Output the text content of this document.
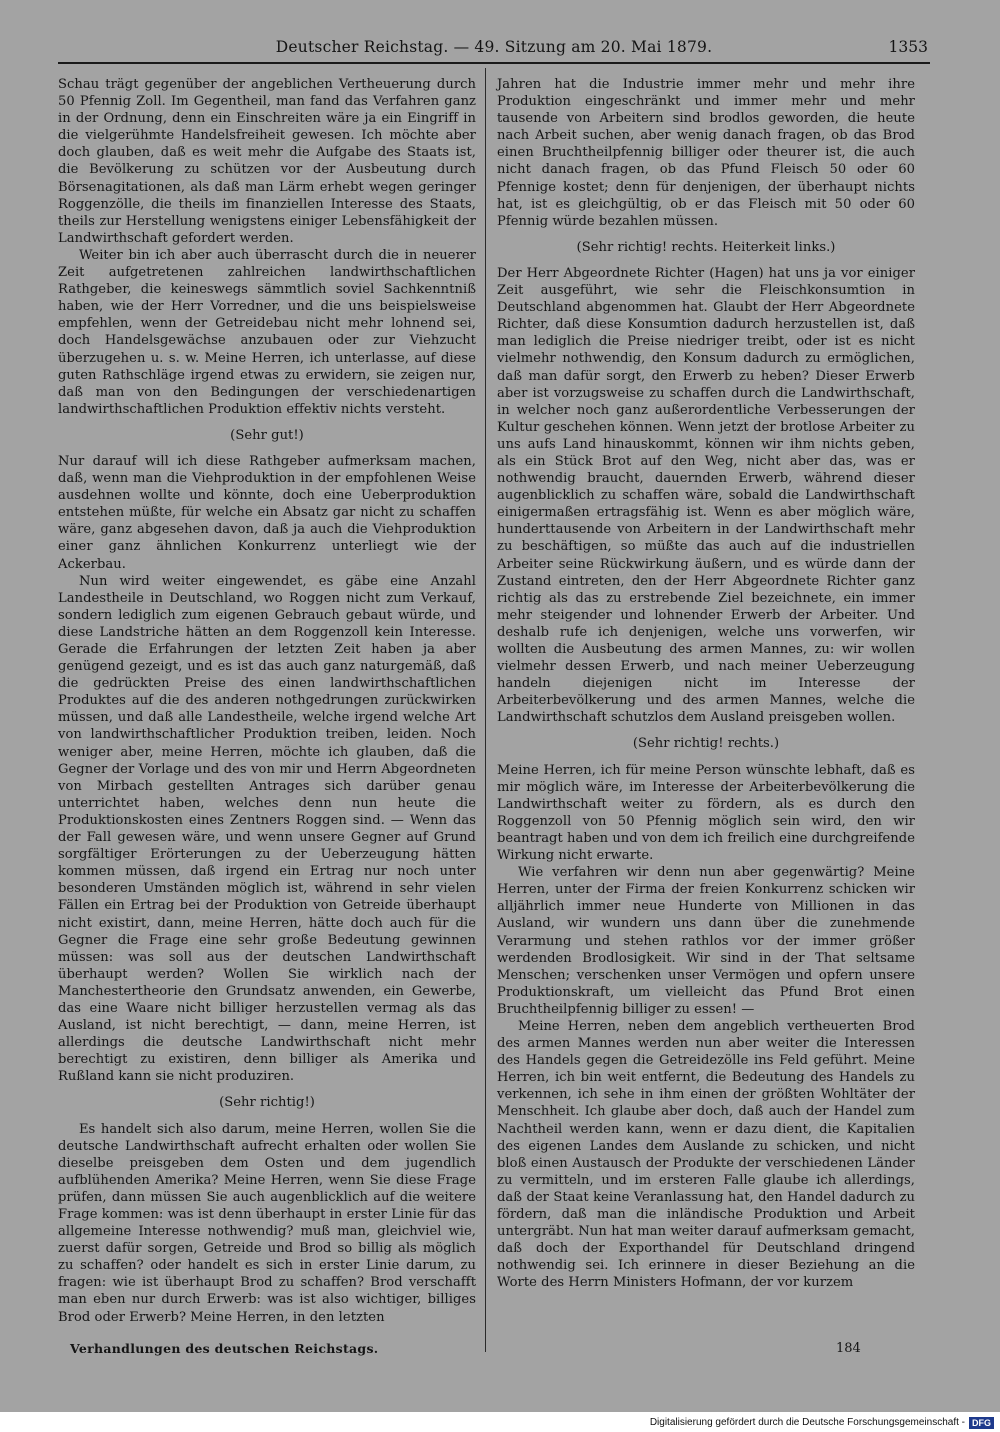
Deutscher Reichstag. — 49. Sitzung am 20. Mai 1879.	1353

Schau trägt gegenüber der angeblichen Vertheuerung durch 50 Pfennig Zoll. Im Gegentheil, man fand das Verfahren ganz in der Ordnung, denn ein Einschreiten wäre ja ein Eingriff in die vielgerühmte Handelsfreiheit gewesen. Ich möchte aber doch glauben, daß es weit mehr die Aufgabe des Staats ist, die Bevölkerung zu schützen vor der Ausbeutung durch Börsenagitationen, als daß man Lärm erhebt wegen geringer Roggenzölle, die theils im finanziellen Interesse des Staats, theils zur Herstellung wenigstens einiger Lebensfähigkeit der Landwirthschaft gefordert werden.

Weiter bin ich aber auch überrascht durch die in neuerer Zeit aufgetretenen zahlreichen landwirthschaftlichen Rathgeber, die keineswegs sämmtlich soviel Sachkenntniß haben, wie der Herr Vorredner, und die uns beispielsweise empfehlen, wenn der Getreidebau nicht mehr lohnend sei, doch Handelsgewächse anzubauen oder zur Viehzucht überzugehen u. s. w. Meine Herren, ich unterlasse, auf diese guten Rathschläge irgend etwas zu erwidern, sie zeigen nur, daß man von den Bedingungen der verschiedenartigen landwirthschaftlichen Produktion effektiv nichts versteht.

(Sehr gut!)

Nur darauf will ich diese Rathgeber aufmerksam machen, daß, wenn man die Viehproduktion in der empfohlenen Weise ausdehnen wollte und könnte, doch eine Ueberproduktion entstehen müßte, für welche ein Absatz gar nicht zu schaffen wäre, ganz abgesehen davon, daß ja auch die Viehproduktion einer ganz ähnlichen Konkurrenz unterliegt wie der Ackerbau.

Nun wird weiter eingewendet, es gäbe eine Anzahl Landestheile in Deutschland, wo Roggen nicht zum Verkauf, sondern lediglich zum eigenen Gebrauch gebaut würde, und diese Landstriche hätten an dem Roggenzoll kein Interesse. Gerade die Erfahrungen der letzten Zeit haben ja aber genügend gezeigt, und es ist das auch ganz naturgemäß, daß die gedrückten Preise des einen landwirthschaftlichen Produktes auf die des anderen nothgedrungen zurückwirken müssen, und daß alle Landestheile, welche irgend welche Art von landwirthschaftlicher Produktion treiben, leiden. Noch weniger aber, meine Herren, möchte ich glauben, daß die Gegner der Vorlage und des von mir und Herrn Abgeordneten von Mirbach gestellten Antrages sich darüber genau unterrichtet haben, welches denn nun heute die Produktionskosten eines Zentners Roggen sind. — Wenn das der Fall gewesen wäre, und wenn unsere Gegner auf Grund sorgfältiger Erörterungen zu der Ueberzeugung hätten kommen müssen, daß irgend ein Ertrag nur noch unter besonderen Umständen möglich ist, während in sehr vielen Fällen ein Ertrag bei der Produktion von Getreide überhaupt nicht existirt, dann, meine Herren, hätte doch auch für die Gegner die Frage eine sehr große Bedeutung gewinnen müssen: was soll aus der deutschen Landwirthschaft überhaupt werden? Wollen Sie wirklich nach der Manchestertheorie den Grundsatz anwenden, ein Gewerbe, das eine Waare nicht billiger herzustellen vermag als das Ausland, ist nicht berechtigt, — dann, meine Herren, ist allerdings die deutsche Landwirthschaft nicht mehr berechtigt zu existiren, denn billiger als Amerika und Rußland kann sie nicht produziren.

(Sehr richtig!)

Es handelt sich also darum, meine Herren, wollen Sie die deutsche Landwirthschaft aufrecht erhalten oder wollen Sie dieselbe preisgeben dem Osten und dem jugendlich aufblühenden Amerika? Meine Herren, wenn Sie diese Frage prüfen, dann müssen Sie auch augenblicklich auf die weitere Frage kommen: was ist denn überhaupt in erster Linie für das allgemeine Interesse nothwendig? muß man, gleichviel wie, zuerst dafür sorgen, Getreide und Brod so billig als möglich zu schaffen? oder handelt es sich in erster Linie darum, zu fragen: wie ist überhaupt Brod zu schaffen? Brod verschafft man eben nur durch Erwerb: was ist also wichtiger, billiges Brod oder Erwerb? Meine Herren, in den letzten

Jahren hat die Industrie immer mehr und mehr ihre Produktion eingeschränkt und immer mehr und mehr tausende von Arbeitern sind brodlos geworden, die heute nach Arbeit suchen, aber wenig danach fragen, ob das Brod einen Bruchtheilpfennig billiger oder theurer ist, die auch nicht danach fragen, ob das Pfund Fleisch 50 oder 60 Pfennige kostet; denn für denjenigen, der überhaupt nichts hat, ist es gleichgültig, ob er das Fleisch mit 50 oder 60 Pfennig würde bezahlen müssen.

(Sehr richtig! rechts. Heiterkeit links.)

Der Herr Abgeordnete Richter (Hagen) hat uns ja vor einiger Zeit ausgeführt, wie sehr die Fleischkonsumtion in Deutschland abgenommen hat. Glaubt der Herr Abgeordnete Richter, daß diese Konsumtion dadurch herzustellen ist, daß man lediglich die Preise niedriger treibt, oder ist es nicht vielmehr nothwendig, den Konsum dadurch zu ermöglichen, daß man dafür sorgt, den Erwerb zu heben? Dieser Erwerb aber ist vorzugsweise zu schaffen durch die Landwirthschaft, in welcher noch ganz außerordentliche Verbesserungen der Kultur geschehen können. Wenn jetzt der brotlose Arbeiter zu uns aufs Land hinauskommt, können wir ihm nichts geben, als ein Stück Brot auf den Weg, nicht aber das, was er nothwendig braucht, dauernden Erwerb, während dieser augenblicklich zu schaffen wäre, sobald die Landwirthschaft einigermaßen ertragsfähig ist. Wenn es aber möglich wäre, hunderttausende von Arbeitern in der Landwirthschaft mehr zu beschäftigen, so müßte das auch auf die industriellen Arbeiter seine Rückwirkung äußern, und es würde dann der Zustand eintreten, den der Herr Abgeordnete Richter ganz richtig als das zu erstrebende Ziel bezeichnete, ein immer mehr steigender und lohnender Erwerb der Arbeiter. Und deshalb rufe ich denjenigen, welche uns vorwerfen, wir wollten die Ausbeutung des armen Mannes, zu: wir wollen vielmehr dessen Erwerb, und nach meiner Ueberzeugung handeln diejenigen nicht im Interesse der Arbeiterbevölkerung und des armen Mannes, welche die Landwirthschaft schutzlos dem Ausland preisgeben wollen.

(Sehr richtig! rechts.)

Meine Herren, ich für meine Person wünschte lebhaft, daß es mir möglich wäre, im Interesse der Arbeiterbevölkerung die Landwirthschaft weiter zu fördern, als es durch den Roggenzoll von 50 Pfennig möglich sein wird, den wir beantragt haben und von dem ich freilich eine durchgreifende Wirkung nicht erwarte.

Wie verfahren wir denn nun aber gegenwärtig? Meine Herren, unter der Firma der freien Konkurrenz schicken wir alljährlich immer neue Hunderte von Millionen in das Ausland, wir wundern uns dann über die zunehmende Verarmung und stehen rathlos vor der immer größer werdenden Brodlosigkeit. Wir sind in der That seltsame Menschen; verschenken unser Vermögen und opfern unsere Produktionskraft, um vielleicht das Pfund Brot einen Bruchtheilpfennig billiger zu essen! —

Meine Herren, neben dem angeblich vertheuerten Brod des armen Mannes werden nun aber weiter die Interessen des Handels gegen die Getreidezölle ins Feld geführt. Meine Herren, ich bin weit entfernt, die Bedeutung des Handels zu verkennen, ich sehe in ihm einen der größten Wohltäter der Menschheit. Ich glaube aber doch, daß auch der Handel zum Nachtheil werden kann, wenn er dazu dient, die Kapitalien des eigenen Landes dem Auslande zu schicken, und nicht bloß einen Austausch der Produkte der verschiedenen Länder zu vermitteln, und im ersteren Falle glaube ich allerdings, daß der Staat keine Veranlassung hat, den Handel dadurch zu fördern, daß man die inländische Produktion und Arbeit untergräbt. Nun hat man weiter darauf aufmerksam gemacht, daß doch der Exporthandel für Deutschland dringend nothwendig sei. Ich erinnere in dieser Beziehung an die Worte des Herrn Ministers Hofmann, der vor kurzem

Verhandlungen des deutschen Reichstags.	184
Digitalisierung gefördert durch die Deutsche Forschungsgemeinschaft - DFG
